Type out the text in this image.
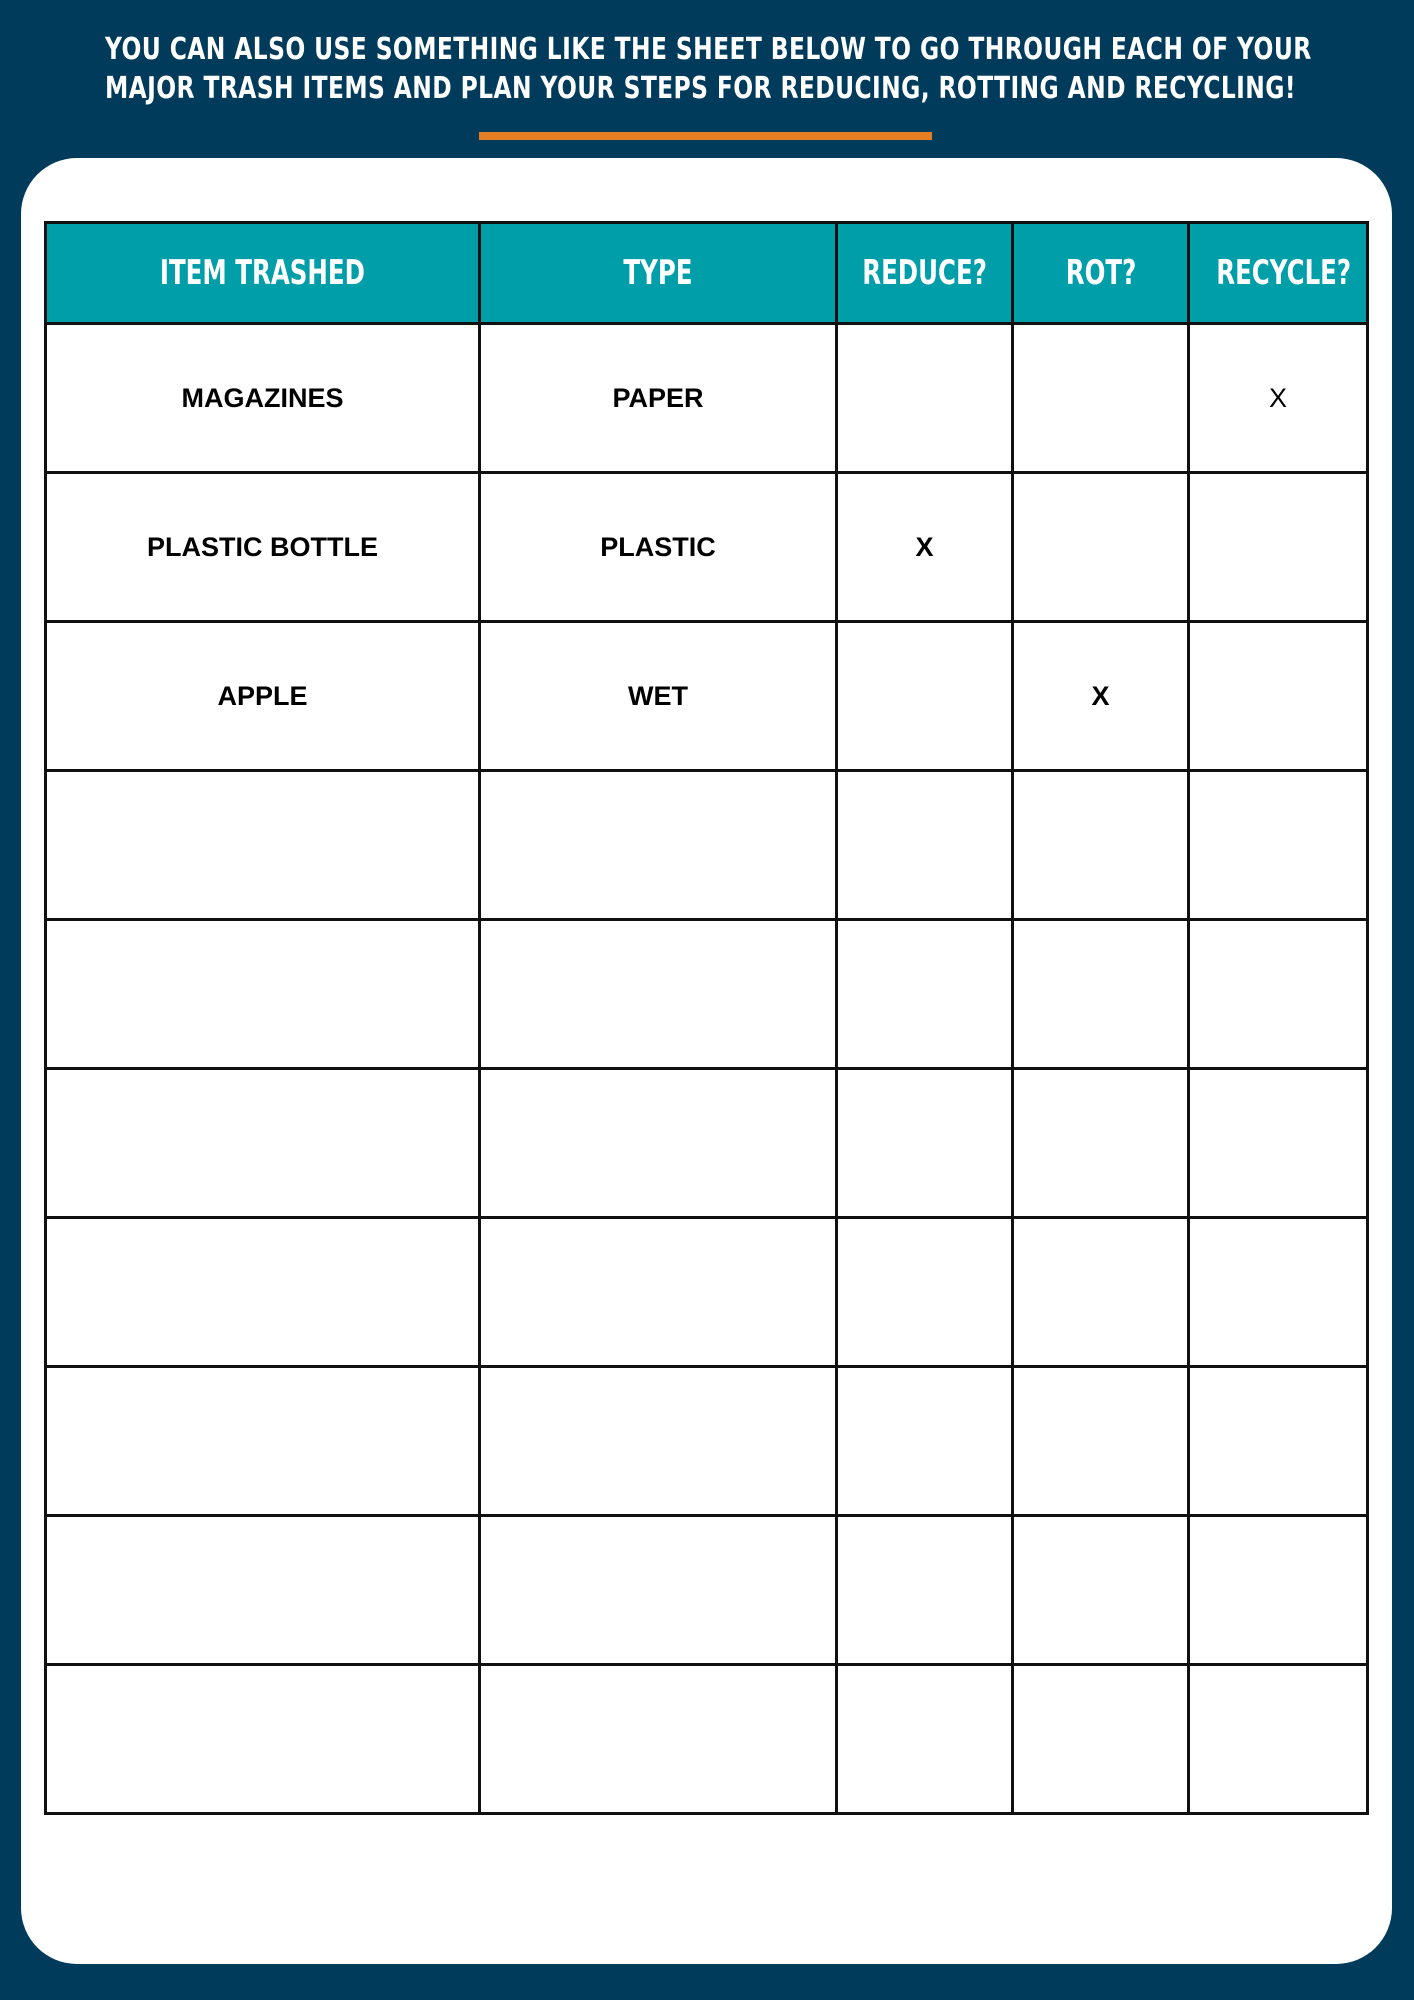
YOU CAN ALSO USE SOMETHING LIKE THE SHEET BELOW TO GO THROUGH EACH OF YOUR
MAJOR TRASH ITEMS AND PLAN YOUR STEPS FOR REDUCING, ROTTING AND RECYCLING!
ITEM TRASHED	TYPE	REDUCE?	ROT?	RECYCLE?
MAGAZINES	PAPER			X
PLASTIC BOTTLE	PLASTIC	X		
APPLE	WET		X	
